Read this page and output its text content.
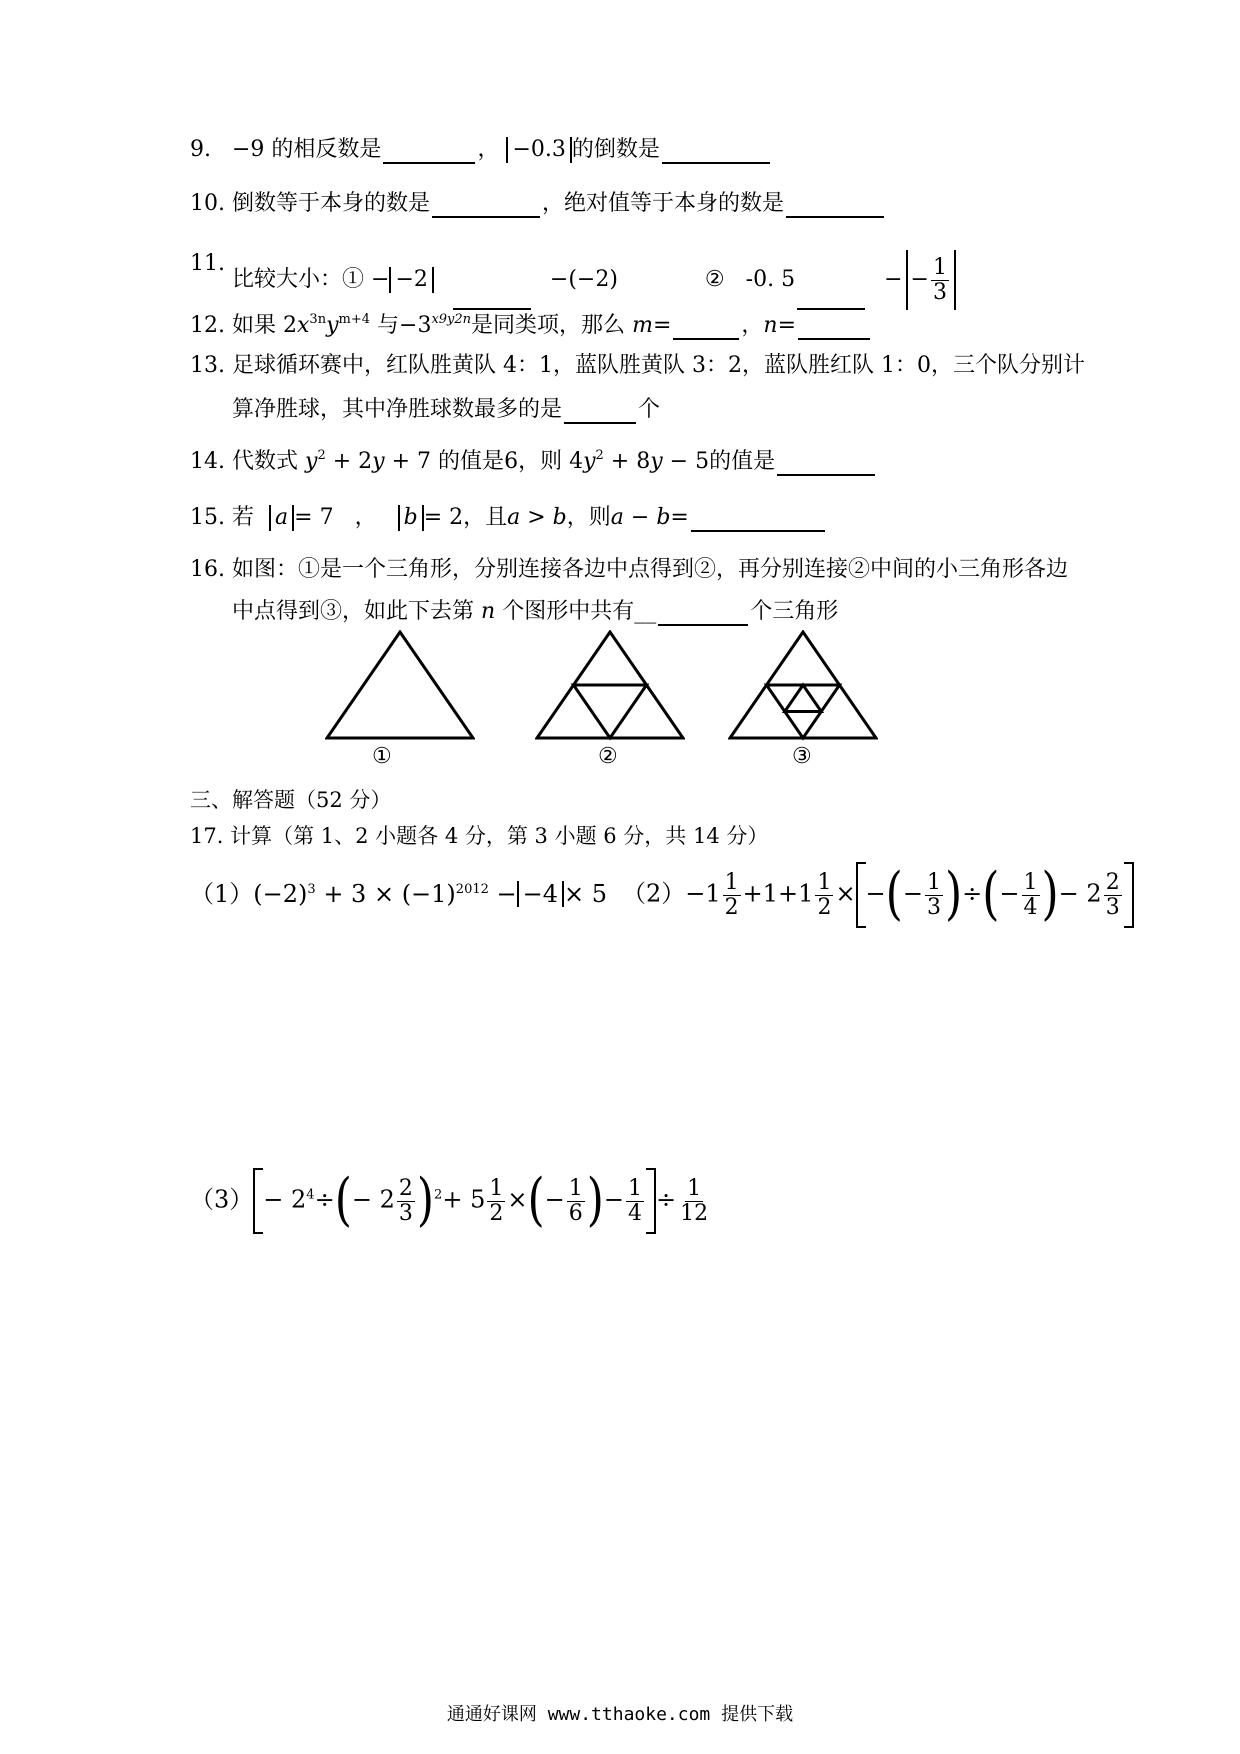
9. −9 的相反数是	， −0.3 的倒数是
10. 倒数等于本身的数是	，绝对值等于本身的数是
11.
比较大小：① − −2	−(−2)	② -0. 5	− − $\frac{1}{3}$
12. 如果 $2x^{3n}y^{m+4}$ 与$-3^{x9y2n}$是同类项，那么 m=	，n=
13. 足球循环赛中，红队胜黄队 4：1，蓝队胜黄队 3：2，蓝队胜红队 1：0，三个队分别计
算净胜球，其中净胜球数最多的是	个
14. 代数式 $y^2 + 2y + 7$ 的值是6，则 $4y^2 + 8y - 5$的值是
15. 若 a = 7 ， b = 2，且a > b，则a − b=
16. 如图：①是一个三角形，分别连接各边中点得到②，再分别连接②中间的小三角形各边
中点得到③，如此下去第 n 个图形中共有__	个三角形
①	②	③
三、解答题（52 分）
17. 计算（第 1、2 小题各 4 分，第 3 小题 6 分，共 14 分）
$(1)(-2)^3 + 3 \times (-1)^{2012} - -4 \times 5$ $(2)-1 \frac{1}{2} +1+1 \frac{1}{2}$ × −(− $\frac{1}{3}$ )÷(− $\frac{1}{4}$ )− $2 \frac{2}{3}$
$(3) - 2^4\div(- 2 \frac{2}{3} )^2+ 5 \frac{1}{2}$ ×(− $\frac{1}{6}$ )− $\frac{1}{4} \div \frac{1}{12}$
通通好课网 www.tthaoke.com 提供下载
